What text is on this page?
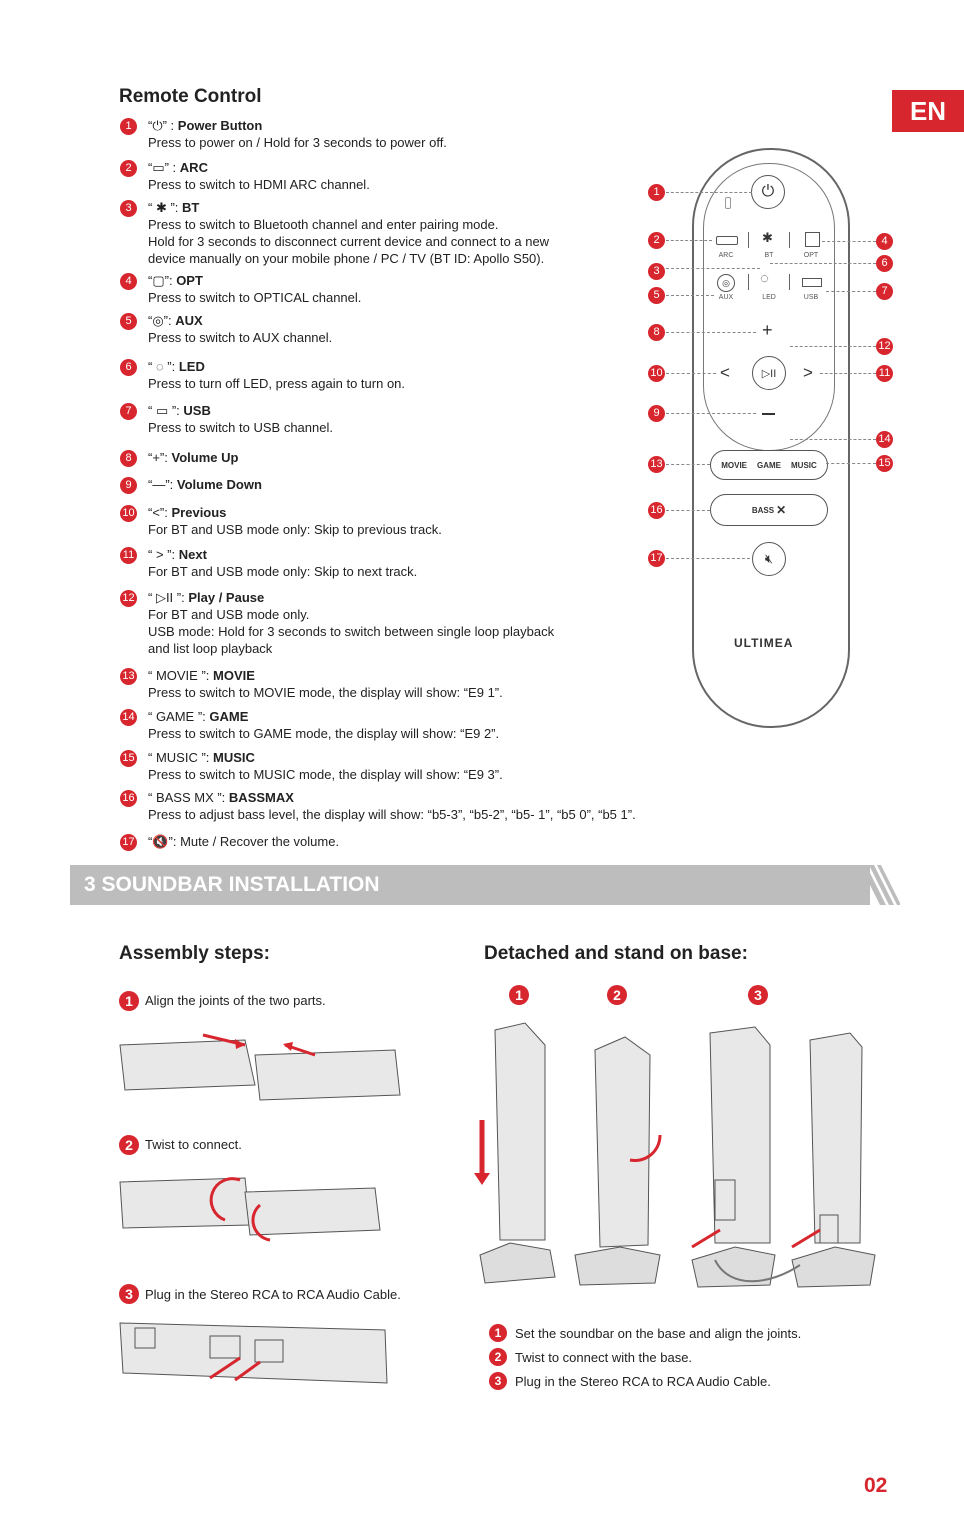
EN
Remote Control
1	“⏻” : Power Button
Press to power on / Hold for 3 seconds to power off.
2	“▭” : ARC
Press to switch to HDMI ARC channel.
3	“ ✱ ”: BT
Press to switch to Bluetooth channel and enter pairing mode.
Hold for 3 seconds to disconnect current device and connect to a new
device manually on your mobile phone / PC / TV (BT ID: Apollo S50).
4	“▢”: OPT
Press to switch to OPTICAL channel.
5	“◎”: AUX
Press to switch to AUX channel.
6	“ ◌ ”: LED
Press to turn off LED, press again to turn on.
7	“ ▭ ”: USB
Press to switch to USB channel.
8	“+”: Volume Up
9	“—”: Volume Down
10 “<”: Previous
For BT and USB mode only: Skip to previous track.
11 “ > ”: Next
For BT and USB mode only: Skip to next track.
12 “ ▷II ”: Play / Pause
For BT and USB mode only.
USB mode: Hold for 3 seconds to switch between single loop playback
and list loop playback
13 “ MOVIE ”: MOVIE
Press to switch to MOVIE mode, the display will show: “E9 1”.
14 “ GAME ”: GAME
Press to switch to GAME mode, the display will show: “E9 2”.
15 “ MUSIC ”: MUSIC
Press to switch to MUSIC mode, the display will show: “E9 3”.
16 “ BASS MX ”: BASSMAX
Press to adjust bass level, the display will show: “b5-3”, “b5-2”, “b5- 1”, “b5 0”, “b5 1”.
17 “🔇”: Mute / Recover the volume.
⏻
✱
ARC	BT	OPT
◎	◌
AUX	LED	USB
+
<	▷II	>
MOVIE GAME MUSIC
BASS ✕
🔇︎
ULTIMEA
1
2
3
4
5
6
7
8
9
10	11
12
13
14
15
16
17
3 SOUNDBAR INSTALLATION
Assembly steps:
1 Align the joints of the two parts.
2 Twist to connect.
3 Plug in the Stereo RCA to RCA Audio Cable.
Detached and stand on base:
1	2	3
1	Set the soundbar on the base and align the joints.
2	Twist to connect with the base.
3	Plug in the Stereo RCA to RCA Audio Cable.
02
